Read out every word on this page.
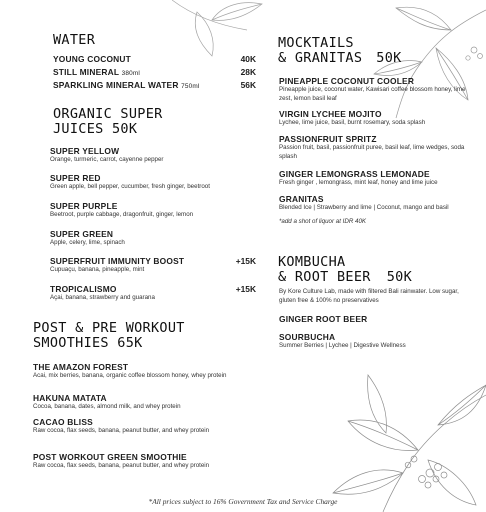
WATER
YOUNG COCONUT	40K
STILL MINERAL 380ml	28K
SPARKLING MINERAL WATER 750ml	56K
ORGANIC SUPER
JUICES 50K
SUPER YELLOW
Orange, turmeric, carrot, cayenne pepper
SUPER RED
Green apple, bell pepper, cucumber, fresh ginger, beetroot
SUPER PURPLE
Beetroot, purple cabbage, dragonfruit, ginger, lemon
SUPER GREEN
Apple, celery, lime, spinach
SUPERFRUIT IMMUNITY BOOST	+15K
Cupuaçu, banana, pineapple, mint
TROPICALISMO	+15K
Açai, banana, strawberry and guarana
POST & PRE WORKOUT
SMOOTHIES 65K
THE AMAZON FOREST
Acai, mix berries, banana, organic coffee blossom honey, whey protein
HAKUNA MATATA
Cocoa, banana, dates, almond milk, and whey protein
CACAO BLISS
Raw cocoa, flax seeds, banana, peanut butter, and whey protein
POST WORKOUT GREEN SMOOTHIE
Raw cocoa, flax seeds, banana, peanut butter, and whey protein
MOCKTAILS
& GRANITAS 50K
PINEAPPLE COCONUT COOLER
Pineapple juice, coconut water, Kawisari coffee blossom honey, lime zest, lemon basil leaf
VIRGIN LYCHEE MOJITO
Lychee, lime juice, basil, burnt rosemary, soda splash
PASSIONFRUIT SPRITZ
Passion fruit, basil, passionfruit puree, basil leaf, lime wedges, soda splash
GINGER LEMONGRASS LEMONADE
Fresh ginger , lemongrass, mint leaf, honey and lime juice
GRANITAS
Blended Ice | Strawberry and lime | Coconut, mango and basil
*add a shot of liquor at IDR 40K
KOMBUCHA
& ROOT BEER 50K
By Kore Culture Lab, made with filtered Bali rainwater. Low sugar, gluten free & 100% no preservatives
GINGER ROOT BEER
SOURBUCHA
Summer Berries | Lychee | Digestive Wellness
*All prices subject to 16% Government Tax and Service Charge
